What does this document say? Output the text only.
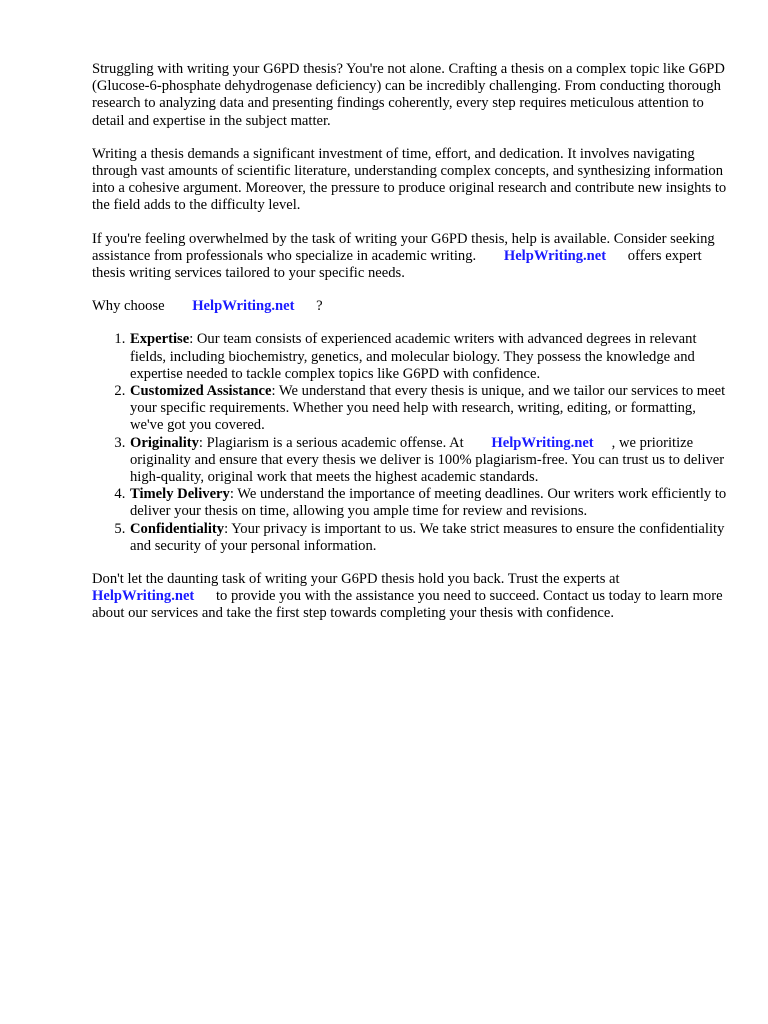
Struggling with writing your G6PD thesis? You're not alone. Crafting a thesis on a complex topic like G6PD (Glucose-6-phosphate dehydrogenase deficiency) can be incredibly challenging. From conducting thorough research to analyzing data and presenting findings coherently, every step requires meticulous attention to detail and expertise in the subject matter.

Writing a thesis demands a significant investment of time, effort, and dedication. It involves navigating through vast amounts of scientific literature, understanding complex concepts, and synthesizing information into a cohesive argument. Moreover, the pressure to produce original research and contribute new insights to the field adds to the difficulty level.

If you're feeling overwhelmed by the task of writing your G6PD thesis, help is available. Consider seeking assistance from professionals who specialize in academic writing. HelpWriting.net offers expert thesis writing services tailored to your specific needs.

Why choose HelpWriting.net ?

1. Expertise: Our team consists of experienced academic writers with advanced degrees in relevant fields, including biochemistry, genetics, and molecular biology. They possess the knowledge and expertise needed to tackle complex topics like G6PD with confidence.
2. Customized Assistance: We understand that every thesis is unique, and we tailor our services to meet your specific requirements. Whether you need help with research, writing, editing, or formatting, we've got you covered.
3. Originality: Plagiarism is a serious academic offense. At HelpWriting.net , we prioritize originality and ensure that every thesis we deliver is 100% plagiarism-free. You can trust us to deliver high-quality, original work that meets the highest academic standards.
4. Timely Delivery: We understand the importance of meeting deadlines. Our writers work efficiently to deliver your thesis on time, allowing you ample time for review and revisions.
5. Confidentiality: Your privacy is important to us. We take strict measures to ensure the confidentiality and security of your personal information.

Don't let the daunting task of writing your G6PD thesis hold you back. Trust the experts at HelpWriting.net to provide you with the assistance you need to succeed. Contact us today to learn more about our services and take the first step towards completing your thesis with confidence.
